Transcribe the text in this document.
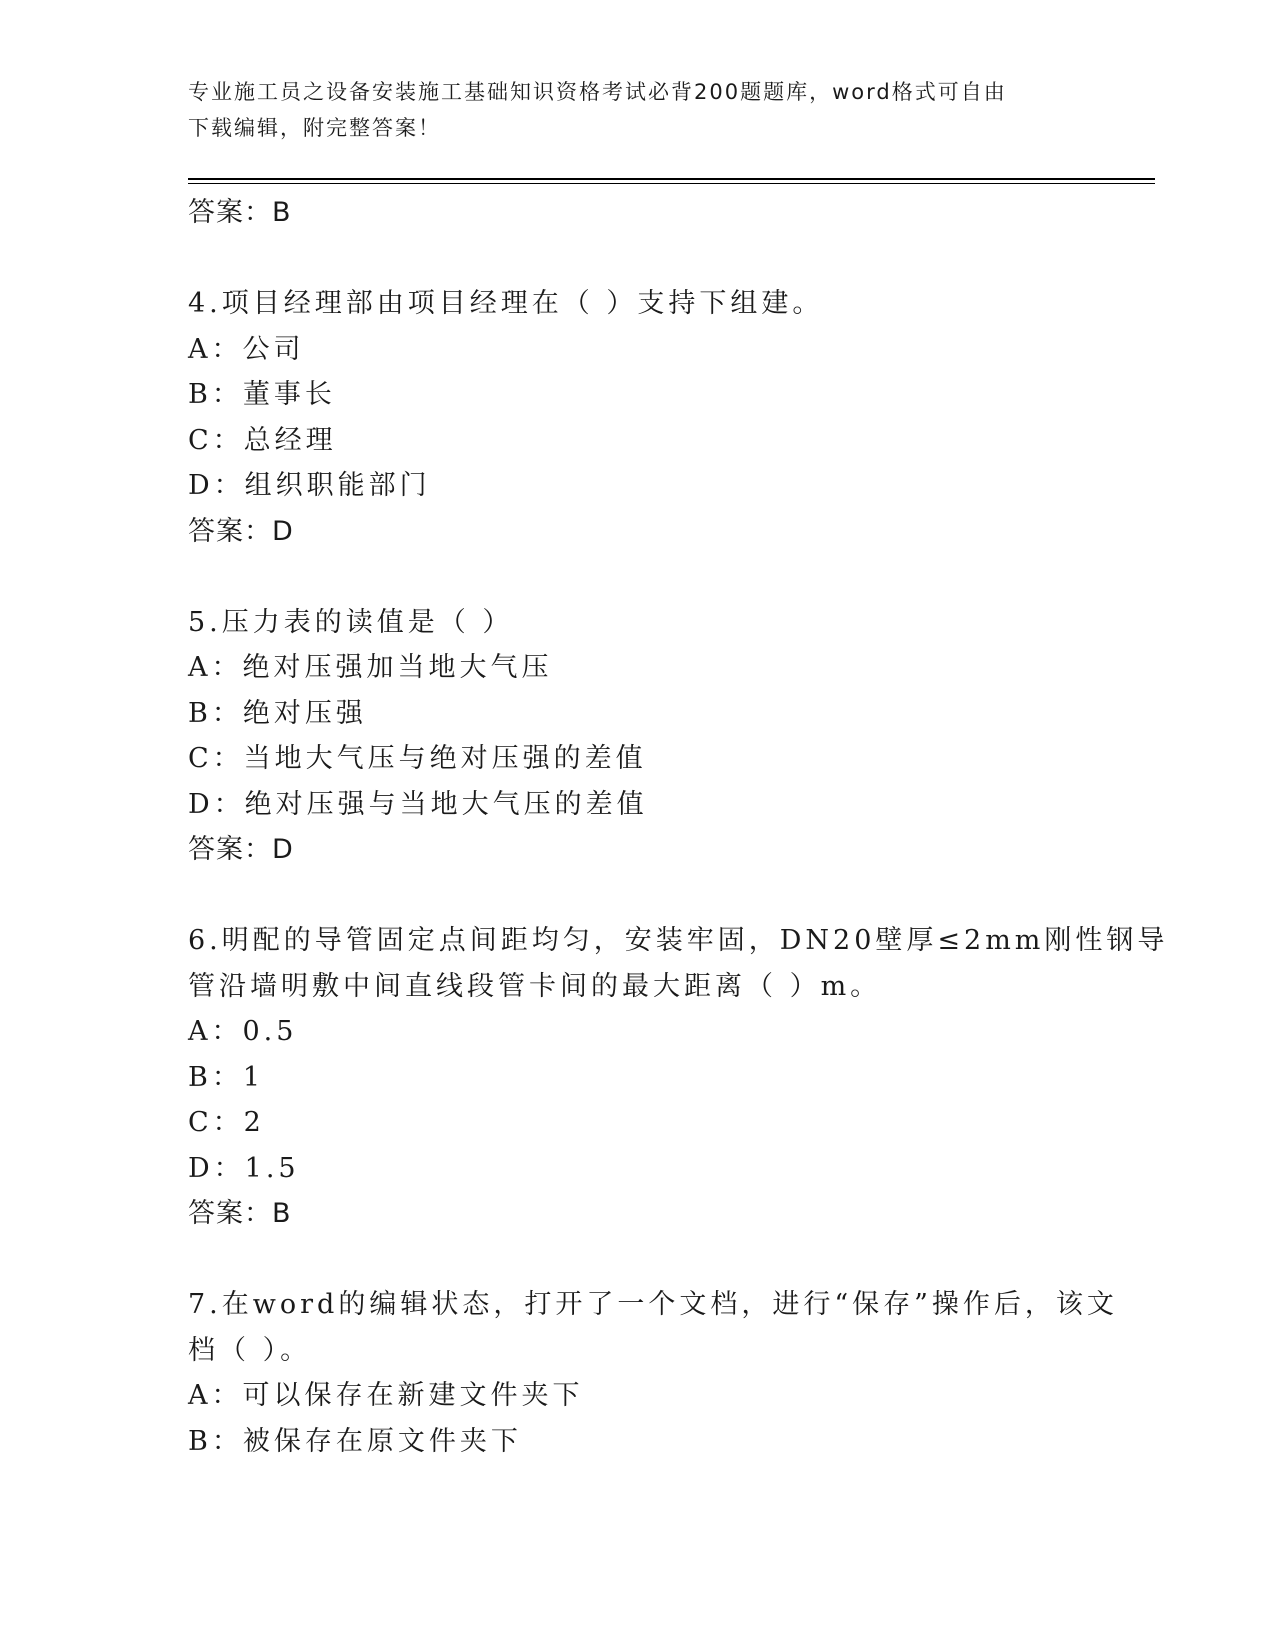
专业施工员之设备安装施工基础知识资格考试必背200题题库，word格式可自由
下载编辑，附完整答案！
答案：B
4.项目经理部由项目经理在（ ）支持下组建。
A：公司
B：董事长
C：总经理
D：组织职能部门
答案：D
5.压力表的读值是（ ）
A：绝对压强加当地大气压
B：绝对压强
C：当地大气压与绝对压强的差值
D：绝对压强与当地大气压的差值
答案：D
6.明配的导管固定点间距均匀，安装牢固，DN20壁厚≤2mm刚性钢导
管沿墙明敷中间直线段管卡间的最大距离（ ）m。
A：0.5
B：1
C：2
D：1.5
答案：B
7.在word的编辑状态，打开了一个文档，进行“保存”操作后，该文
档（ ）。
A：可以保存在新建文件夹下
B：被保存在原文件夹下
